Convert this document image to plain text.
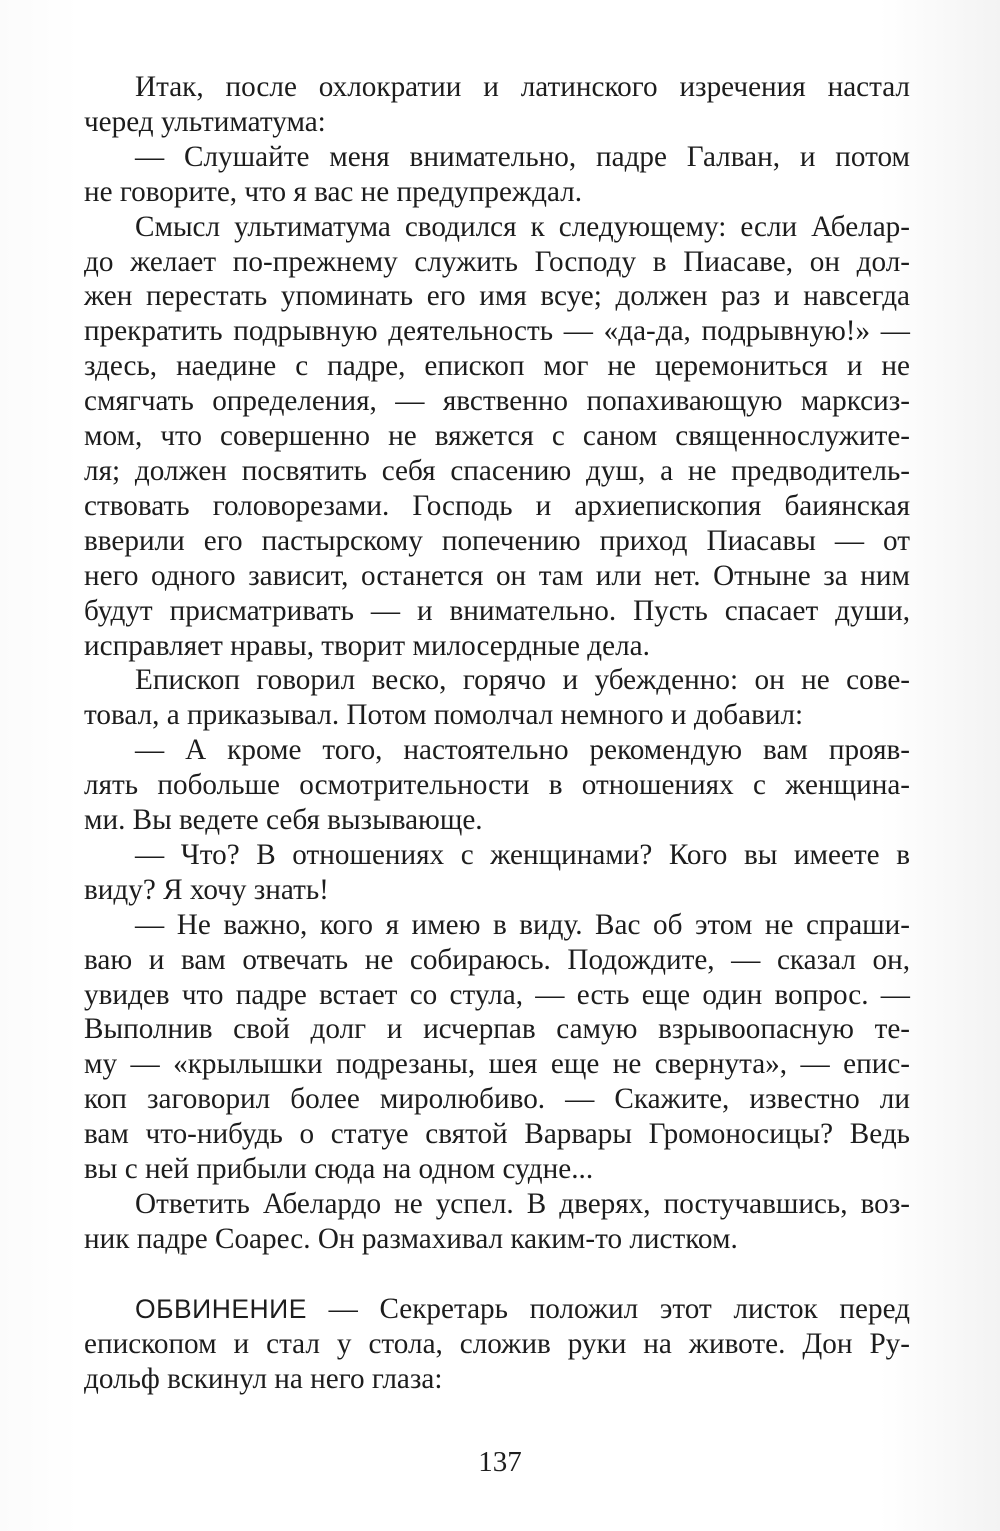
Итак, после охлократии и латинского изречения настал
черед ультиматума:
— Слушайте меня внимательно, падре Галван, и потом
не говорите, что я вас не предупреждал.
Смысл ультиматума сводился к следующему: если Абелар-
до желает по-прежнему служить Господу в Пиасаве, он дол-
жен перестать упоминать его имя всуе; должен раз и навсегда
прекратить подрывную деятельность — «да-да, подрывную!» —
здесь, наедине с падре, епископ мог не церемониться и не
смягчать определения, — явственно попахивающую марксиз-
мом, что совершенно не вяжется с саном священнослужите-
ля; должен посвятить себя спасению душ, а не предводитель-
ствовать головорезами. Господь и архиепископия баиянская
вверили его пастырскому попечению приход Пиасавы — от
него одного зависит, останется он там или нет. Отныне за ним
будут присматривать — и внимательно. Пусть спасает души,
исправляет нравы, творит милосердные дела.
Епископ говорил веско, горячо и убежденно: он не сове-
товал, а приказывал. Потом помолчал немного и добавил:
— А кроме того, настоятельно рекомендую вам прояв-
лять побольше осмотрительности в отношениях с женщина-
ми. Вы ведете себя вызывающе.
— Что? В отношениях с женщинами? Кого вы имеете в
виду? Я хочу знать!
— Не важно, кого я имею в виду. Вас об этом не спраши-
ваю и вам отвечать не собираюсь. Подождите, — сказал он,
увидев что падре встает со стула, — есть еще один вопрос. —
Выполнив свой долг и исчерпав самую взрывоопасную те-
му — «крылышки подрезаны, шея еще не свернута», — епис-
коп заговорил более миролюбиво. — Скажите, известно ли
вам что-нибудь о статуе святой Варвары Громоносицы? Ведь
вы с ней прибыли сюда на одном судне...
Ответить Абелардо не успел. В дверях, постучавшись, воз-
ник падре Соарес. Он размахивал каким-то листком.
ОБВИНЕНИЕ — Секретарь положил этот листок перед
епископом и стал у стола, сложив руки на животе. Дон Ру-
дольф вскинул на него глаза:
137
